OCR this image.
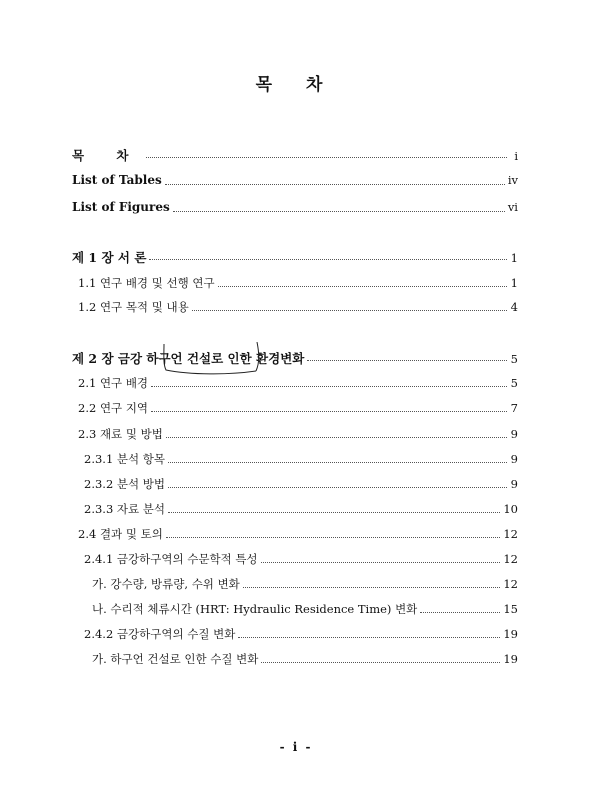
목 차
목 차	i
List of Tables	iv
List of Figures	vi
제 1 장 서 론	1
1.1 연구 배경 및 선행 연구	1
1.2 연구 목적 및 내용	4
제 2 장 금강 하구언 건설로 인한 환경변화	5
2.1 연구 배경	5
2.2 연구 지역	7
2.3 재료 및 방법	9
2.3.1 분석 항목	9
2.3.2 분석 방법	9
2.3.3 자료 분석	10
2.4 결과 및 토의	12
2.4.1 금강하구역의 수문학적 특성	12
가. 강수량, 방류량, 수위 변화	12
나. 수리적 체류시간 (HRT: Hydraulic Residence Time) 변화	15
2.4.2 금강하구역의 수질 변화	19
가. 하구언 건설로 인한 수질 변화	19
- i -
